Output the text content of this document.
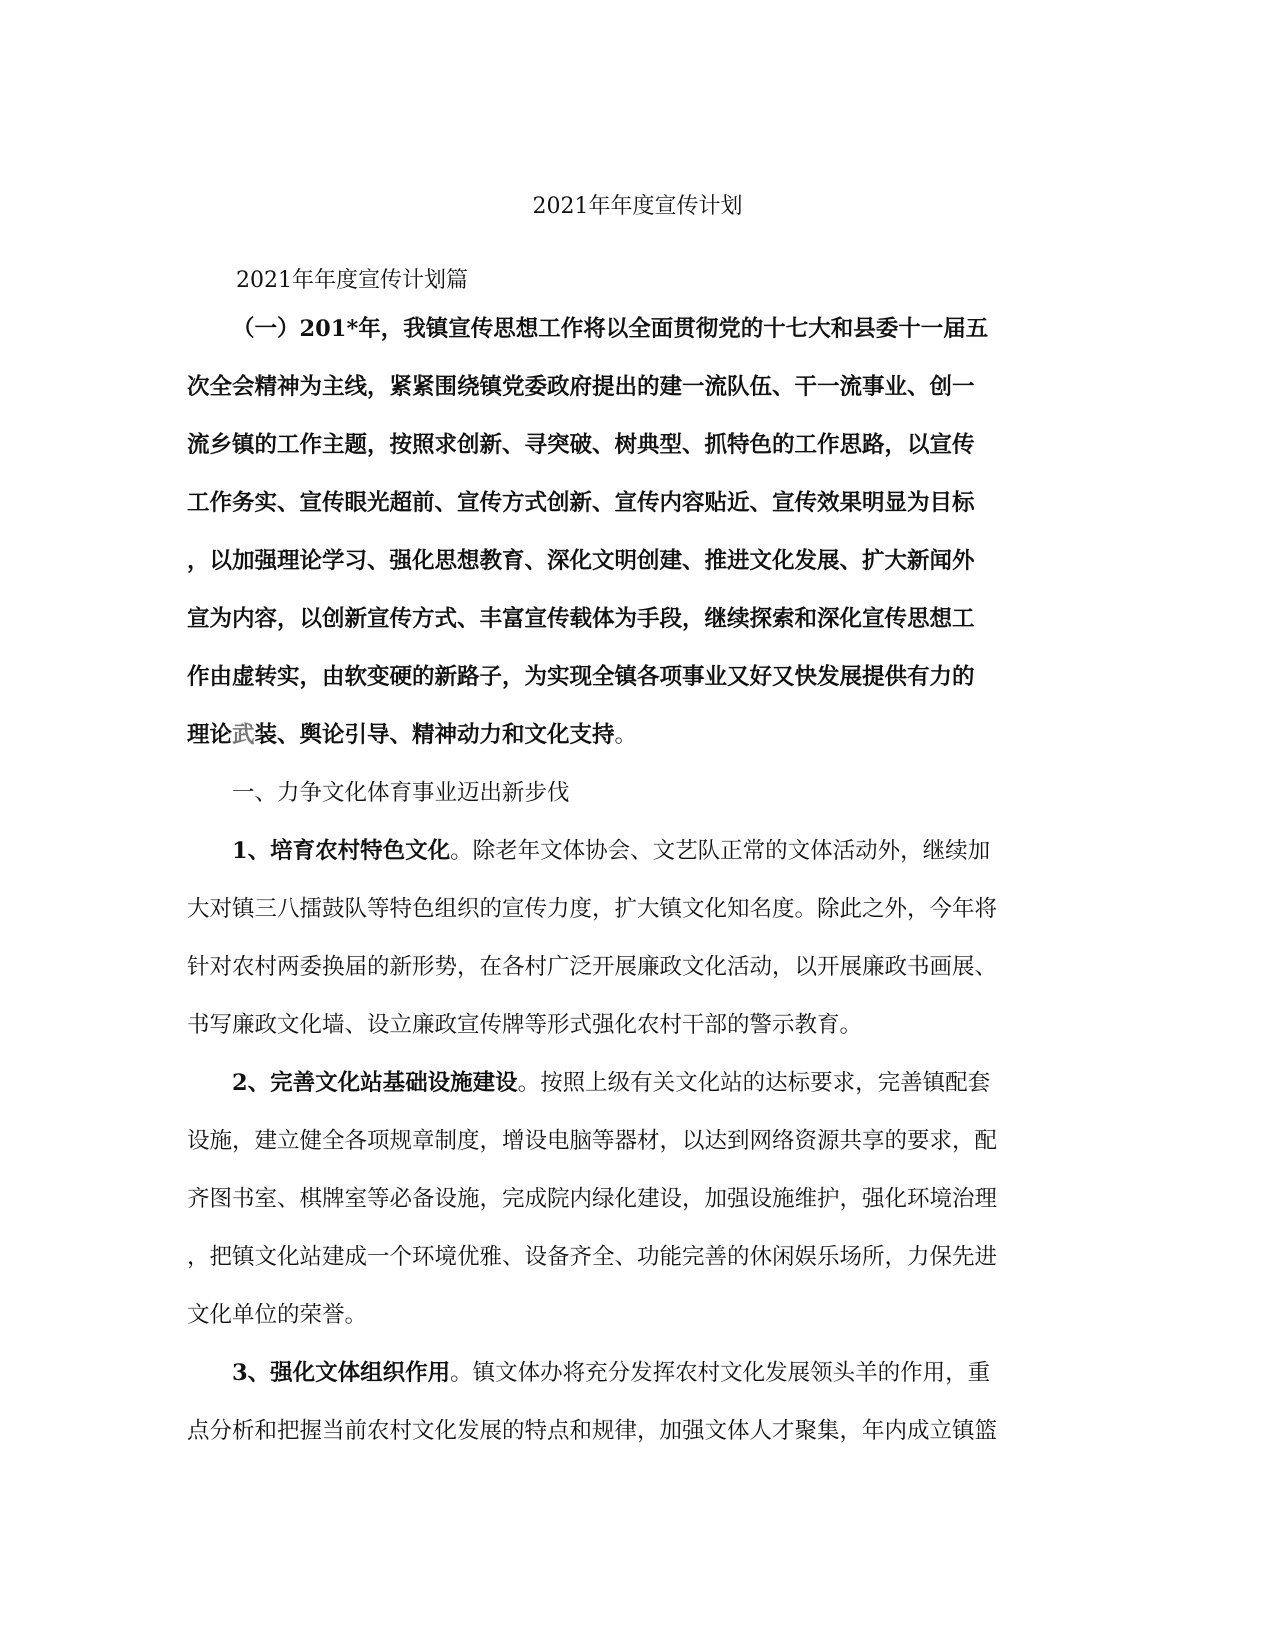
2021年年度宣传计划
2021年年度宣传计划篇
（一）201*年，我镇宣传思想工作将以全面贯彻党的十七大和县委十一届五
次全会精神为主线，紧紧围绕镇党委政府提出的建一流队伍、干一流事业、创一
流乡镇的工作主题，按照求创新、寻突破、树典型、抓特色的工作思路，以宣传
工作务实、宣传眼光超前、宣传方式创新、宣传内容贴近、宣传效果明显为目标
，以加强理论学习、强化思想教育、深化文明创建、推进文化发展、扩大新闻外
宣为内容，以创新宣传方式、丰富宣传载体为手段，继续探索和深化宣传思想工
作由虚转实，由软变硬的新路子，为实现全镇各项事业又好又快发展提供有力的
理论武装、舆论引导、精神动力和文化支持。
一、力争文化体育事业迈出新步伐
1、培育农村特色文化。除老年文体协会、文艺队正常的文体活动外，继续加
大对镇三八擂鼓队等特色组织的宣传力度，扩大镇文化知名度。除此之外，今年将
针对农村两委换届的新形势，在各村广泛开展廉政文化活动，以开展廉政书画展、
书写廉政文化墙、设立廉政宣传牌等形式强化农村干部的警示教育。
2、完善文化站基础设施建设。按照上级有关文化站的达标要求，完善镇配套
设施，建立健全各项规章制度，增设电脑等器材，以达到网络资源共享的要求，配
齐图书室、棋牌室等必备设施，完成院内绿化建设，加强设施维护，强化环境治理
，把镇文化站建成一个环境优雅、设备齐全、功能完善的休闲娱乐场所，力保先进
文化单位的荣誉。
3、强化文体组织作用。镇文体办将充分发挥农村文化发展领头羊的作用，重
点分析和把握当前农村文化发展的特点和规律，加强文体人才聚集，年内成立镇篮
